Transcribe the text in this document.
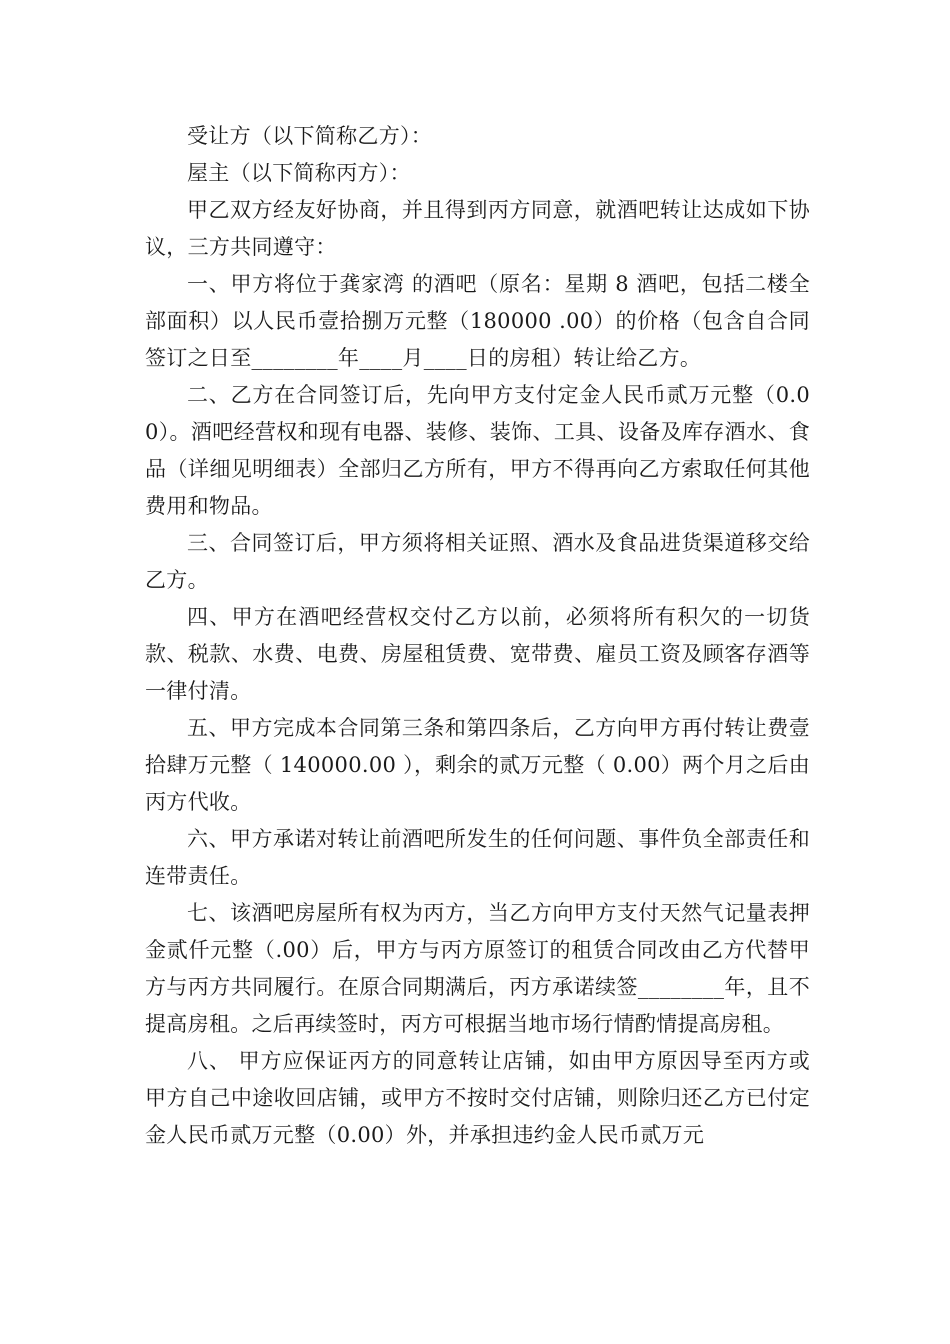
受让方（以下简称乙方）：

屋主（以下简称丙方）：

甲乙双方经友好协商，并且得到丙方同意，就酒吧转让达成如下协议，三方共同遵守：

一、甲方将位于龚家湾 的酒吧（原名：星期 8 酒吧，包括二楼全部面积）以人民币壹拾捌万元整（180000 .00）的价格（包含自合同签订之日至________年____月____日的房租）转让给乙方。

二、乙方在合同签订后，先向甲方支付定金人民币贰万元整（0.00）。酒吧经营权和现有电器、装修、装饰、工具、设备及库存酒水、食品（详细见明细表）全部归乙方所有，甲方不得再向乙方索取任何其他费用和物品。

三、合同签订后，甲方须将相关证照、酒水及食品进货渠道移交给乙方。

四、甲方在酒吧经营权交付乙方以前，必须将所有积欠的一切货款、税款、水费、电费、房屋租赁费、宽带费、雇员工资及顾客存酒等一律付清。

五、甲方完成本合同第三条和第四条后，乙方向甲方再付转让费壹拾肆万元整（ 140000.00 ），剩余的贰万元整（ 0.00）两个月之后由丙方代收。

六、甲方承诺对转让前酒吧所发生的任何问题、事件负全部责任和连带责任。

七、该酒吧房屋所有权为丙方，当乙方向甲方支付天然气记量表押金贰仟元整（.00）后，甲方与丙方原签订的租赁合同改由乙方代替甲方与丙方共同履行。在原合同期满后，丙方承诺续签________年，且不提高房租。之后再续签时，丙方可根据当地市场行情酌情提高房租。

八、 甲方应保证丙方的同意转让店铺，如由甲方原因导至丙方或甲方自己中途收回店铺，或甲方不按时交付店铺，则除归还乙方已付定金人民币贰万元整（0.00）外，并承担违约金人民币贰万元
